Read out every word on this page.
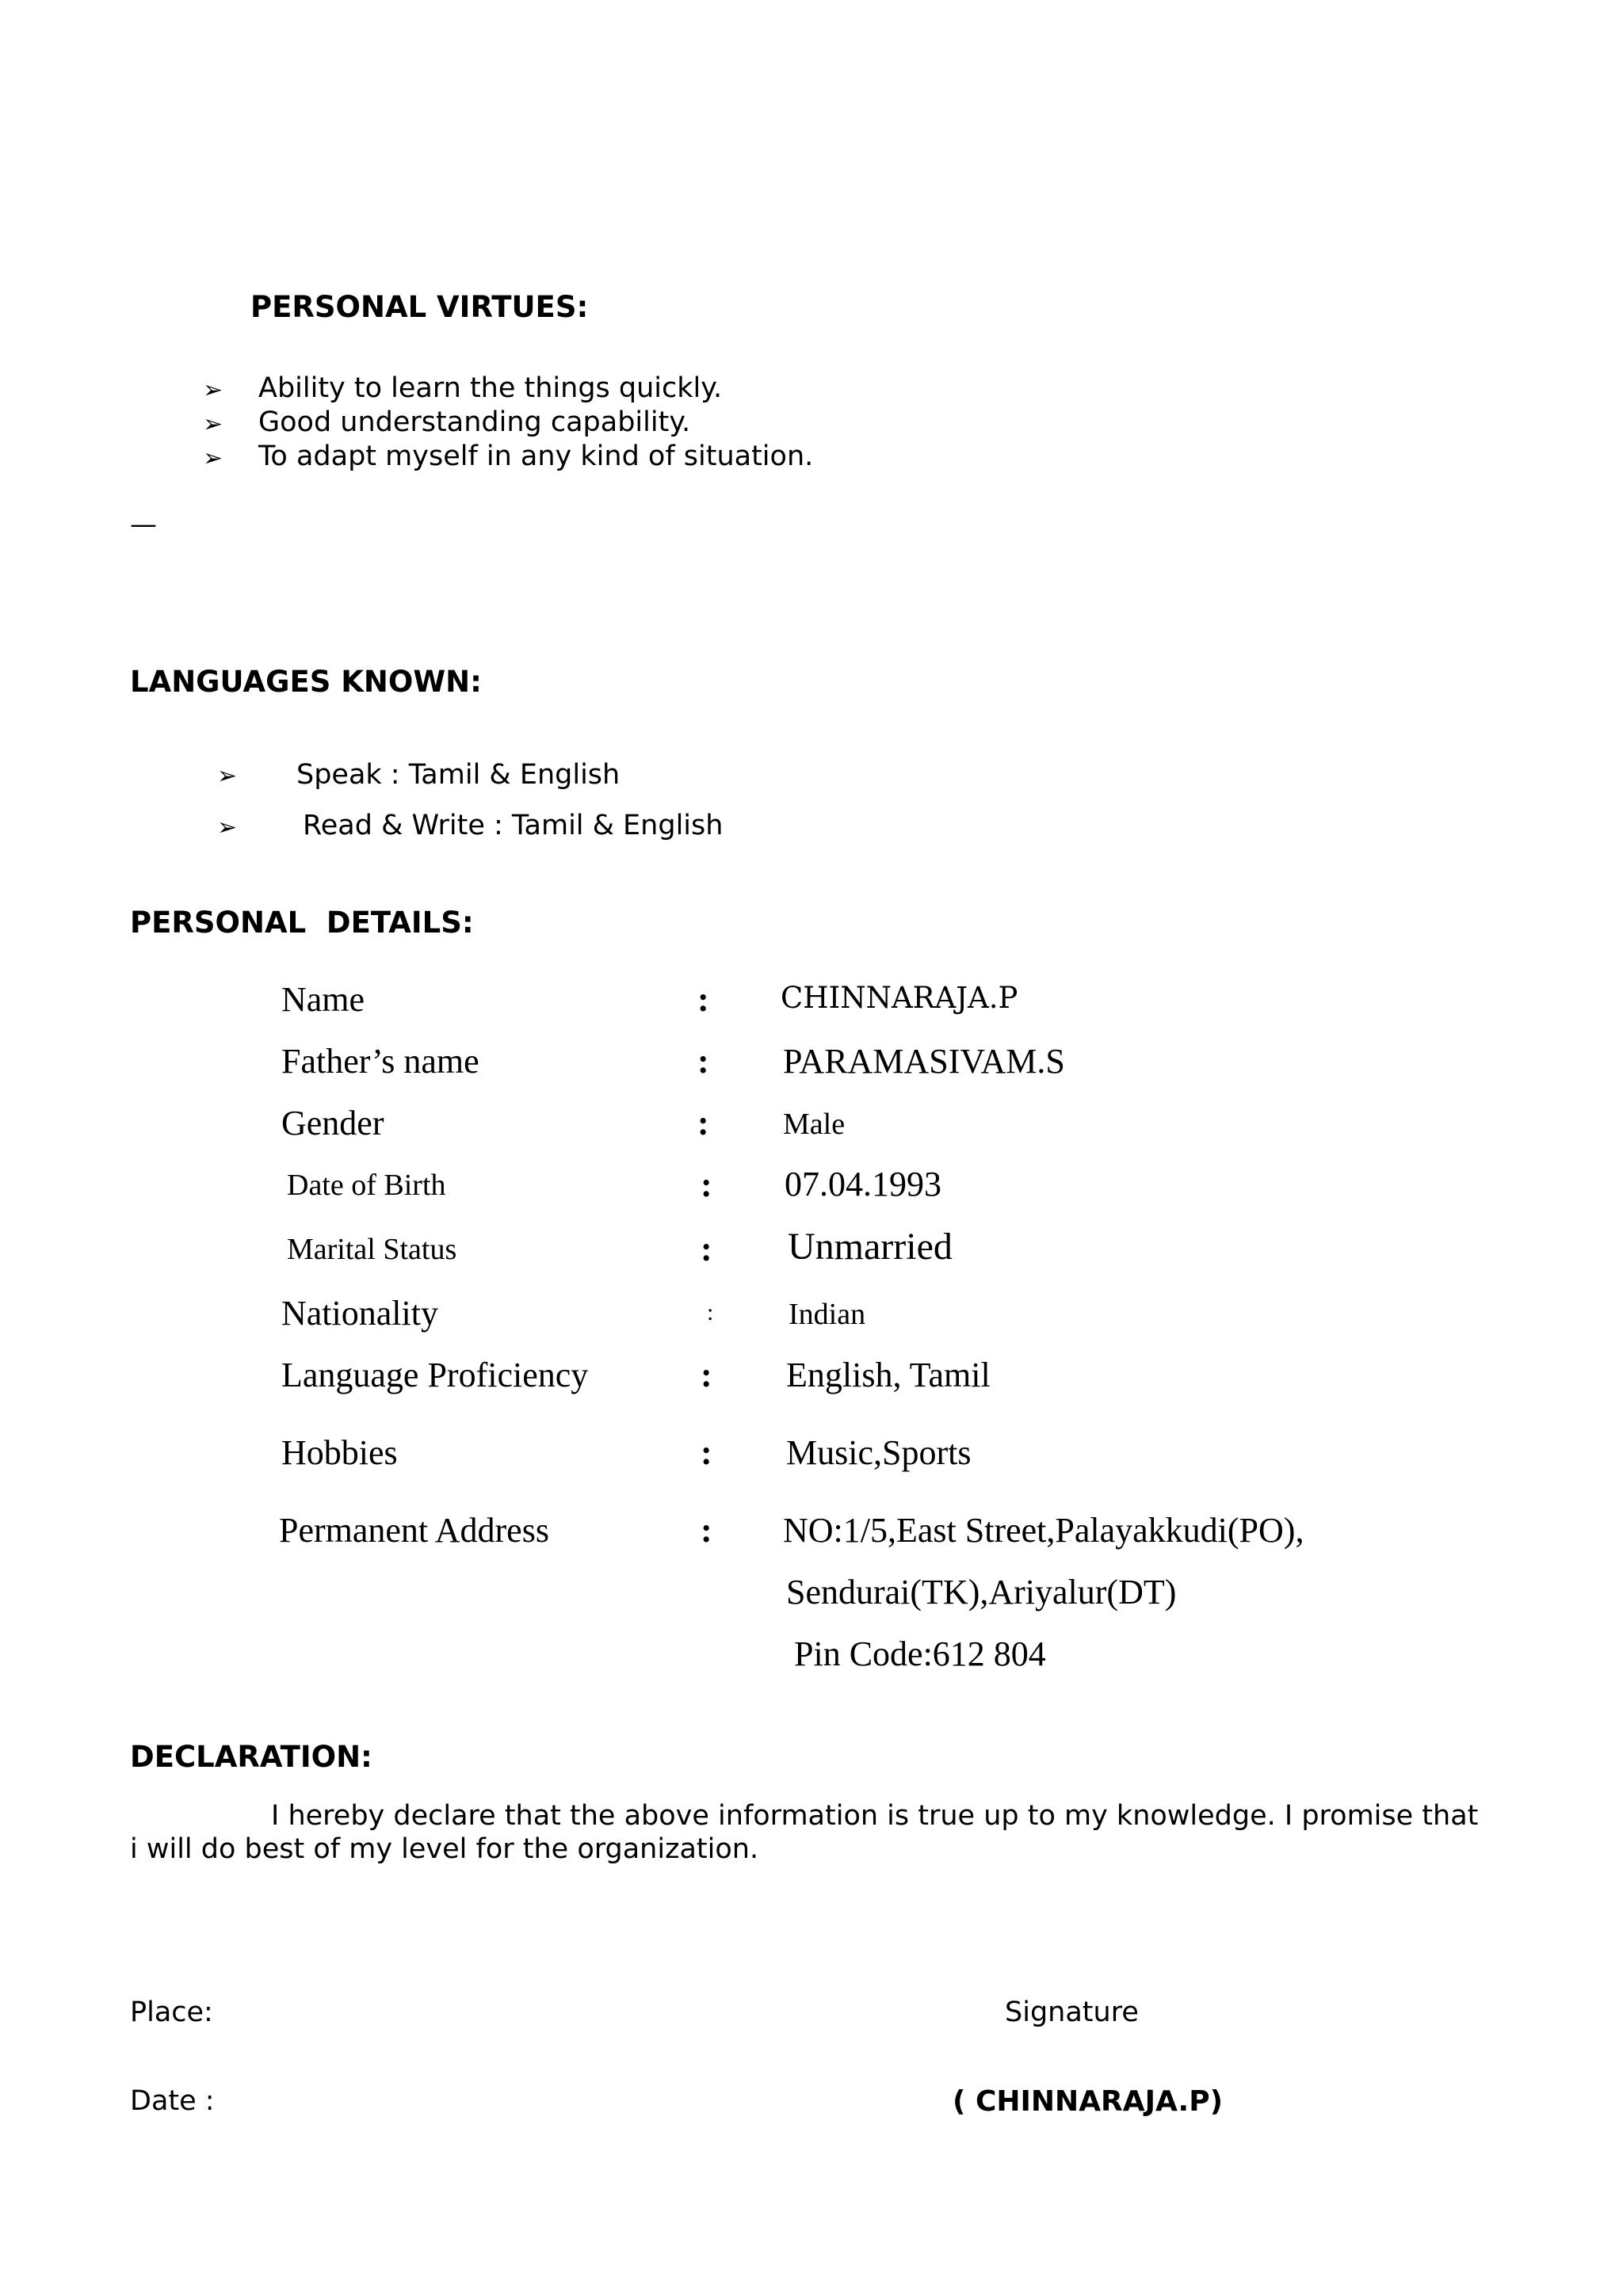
PERSONAL VIRTUES:
➢ Ability to learn the things quickly.
➢ Good understanding capability.
➢ To adapt myself in any kind of situation.
—
LANGUAGES KNOWN:
➢ Speak : Tamil & English
➢ Read & Write : Tamil & English
PERSONAL  DETAILS:
Name	: CHINNARAJA.P
Father’s name	: PARAMASIVAM.S
Gender	: Male
Date of Birth	: 07.04.1993
Marital Status	: Unmarried
Nationality	: Indian
Language Proficiency	: English, Tamil
Hobbies	: Music,Sports
Permanent Address	: NO:1/5,East Street,Palayakkudi(PO),
Sendurai(TK),Ariyalur(DT)
Pin Code:612 804
DECLARATION:
I hereby declare that the above information is true up to my knowledge. I promise that
i will do best of my level for the organization.
Place:	Signature
Date :	( CHINNARAJA.P)
